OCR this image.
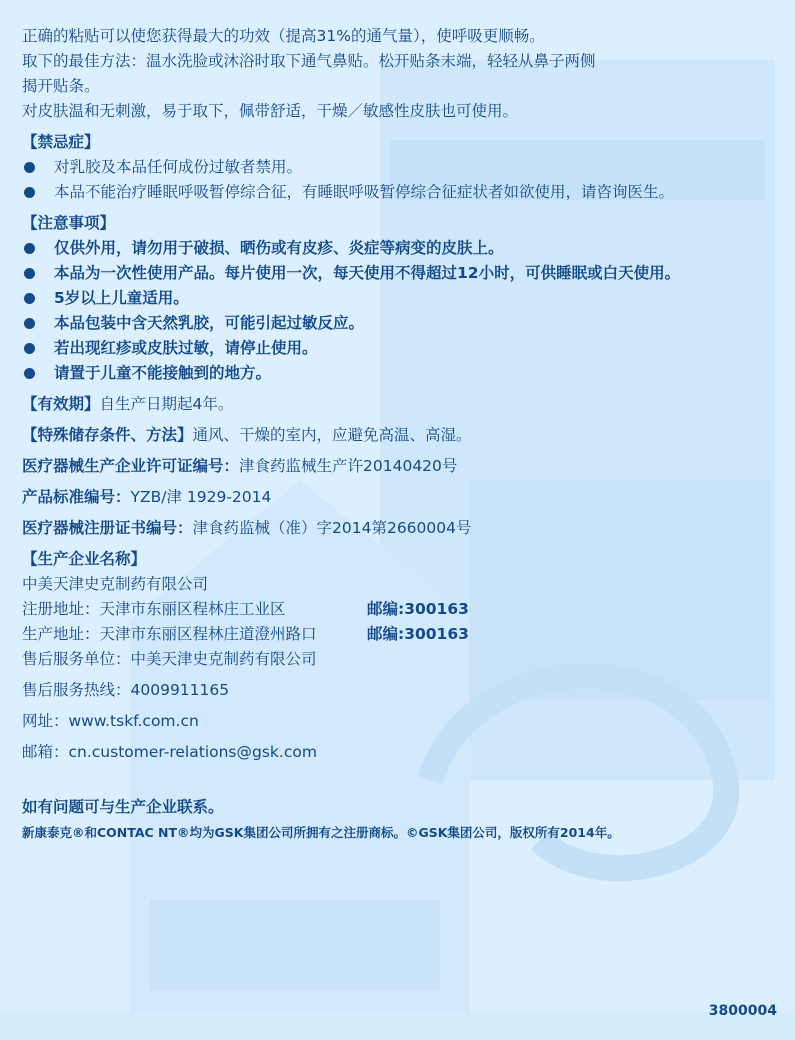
正确的粘贴可以使您获得最大的功效（提高31%的通气量），使呼吸更顺畅。
取下的最佳方法：温水洗脸或沐浴时取下通气鼻贴。松开贴条末端，轻轻从鼻子两侧
揭开贴条。
对皮肤温和无刺激，易于取下，佩带舒适，干燥／敏感性皮肤也可使用。
【禁忌症】
对乳胶及本品任何成份过敏者禁用。
本品不能治疗睡眠呼吸暂停综合征，有睡眠呼吸暂停综合征症状者如欲使用，请咨询医生。
【注意事项】
仅供外用，请勿用于破损、晒伤或有皮疹、炎症等病变的皮肤上。
本品为一次性使用产品。每片使用一次，每天使用不得超过12小时，可供睡眠或白天使用。
5岁以上儿童适用。
本品包装中含天然乳胶，可能引起过敏反应。
若出现红疹或皮肤过敏，请停止使用。
请置于儿童不能接触到的地方。
【有效期】自生产日期起4年。
【特殊储存条件、方法】通风、干燥的室内，应避免高温、高湿。
医疗器械生产企业许可证编号：津食药监械生产许20140420号
产品标准编号：YZB/津 1929-2014
医疗器械注册证书编号：津食药监械（准）字2014第2660004号
【生产企业名称】
中美天津史克制药有限公司
注册地址：天津市东丽区程林庄工业区	邮编:300163
生产地址：天津市东丽区程林庄道澄州路口	邮编:300163
售后服务单位：中美天津史克制药有限公司
售后服务热线：4009911165
网址：www.tskf.com.cn
邮箱：cn.customer-relations@gsk.com
如有问题可与生产企业联系。
新康泰克®和CONTAC NT®均为GSK集团公司所拥有之注册商标。©GSK集团公司，版权所有2014年。
3800004
